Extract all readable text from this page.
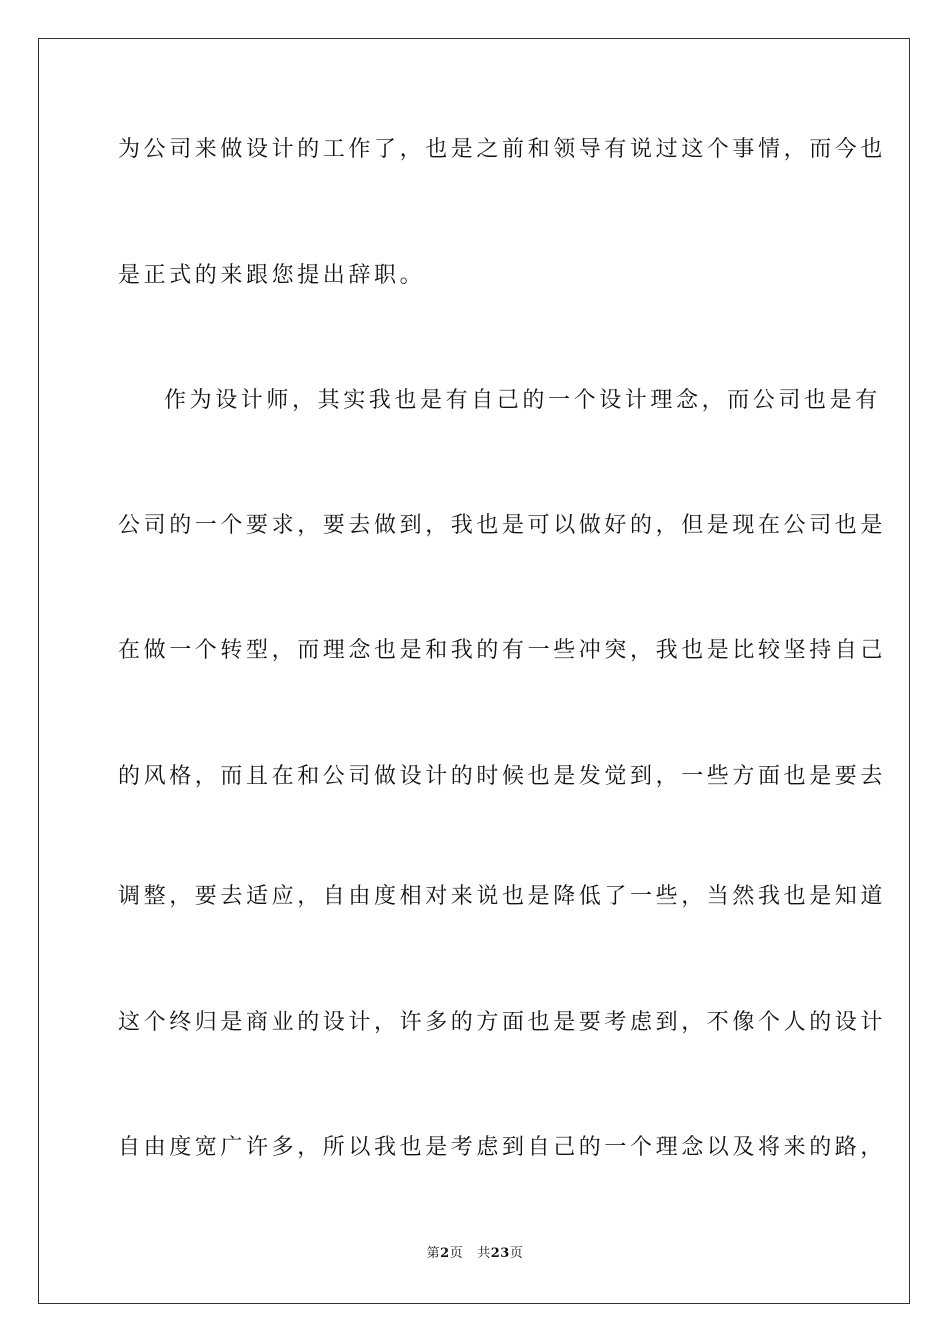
为公司来做设计的工作了，也是之前和领导有说过这个事情，而今也
是正式的来跟您提出辞职。
作为设计师，其实我也是有自己的一个设计理念，而公司也是有
公司的一个要求，要去做到，我也是可以做好的，但是现在公司也是
在做一个转型，而理念也是和我的有一些冲突，我也是比较坚持自己
的风格，而且在和公司做设计的时候也是发觉到，一些方面也是要去
调整，要去适应，自由度相对来说也是降低了一些，当然我也是知道
这个终归是商业的设计，许多的方面也是要考虑到，不像个人的设计
自由度宽广许多，所以我也是考虑到自己的一个理念以及将来的路，
第2页 共23页
